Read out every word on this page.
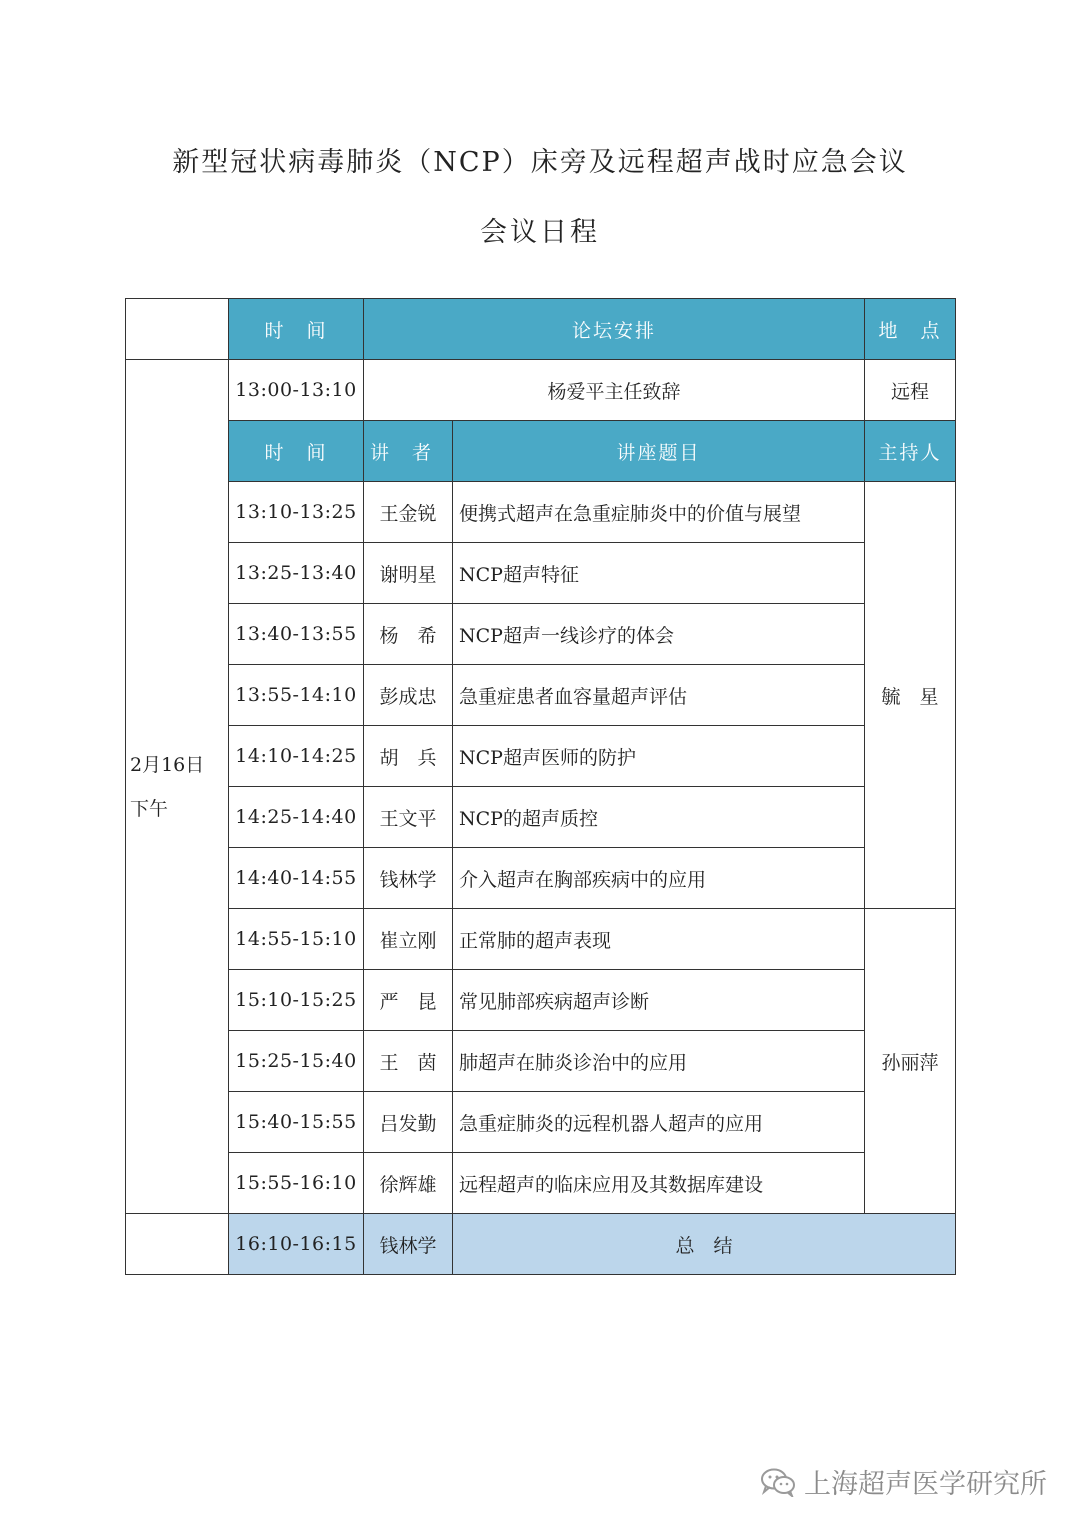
新型冠状病毒肺炎（NCP）床旁及远程超声战时应急会议
会议日程
	时　间	论坛安排		地　点
2月16日
下午	13:00-13:10	杨爱平主任致辞		远程
	时　间	讲　者	讲座题目	主持人
	13:10-13:25	王金锐	便携式超声在急重症肺炎中的价值与展望	毓　星
	13:25-13:40	谢明星	NCP超声特征	
	13:40-13:55	杨　希	NCP超声一线诊疗的体会	
	13:55-14:10	彭成忠	急重症患者血容量超声评估	
	14:10-14:25	胡　兵	NCP超声医师的防护	
	14:25-14:40	王文平	NCP的超声质控	
	14:40-14:55	钱林学	介入超声在胸部疾病中的应用	
	14:55-15:10	崔立刚	正常肺的超声表现	孙丽萍
	15:10-15:25	严　昆	常见肺部疾病超声诊断	
	15:25-15:40	王　茵	肺超声在肺炎诊治中的应用	
	15:40-15:55	吕发勤	急重症肺炎的远程机器人超声的应用	
	15:55-16:10	徐辉雄	远程超声的临床应用及其数据库建设	
	16:10-16:15	钱林学	总　结	
上海超声医学研究所
